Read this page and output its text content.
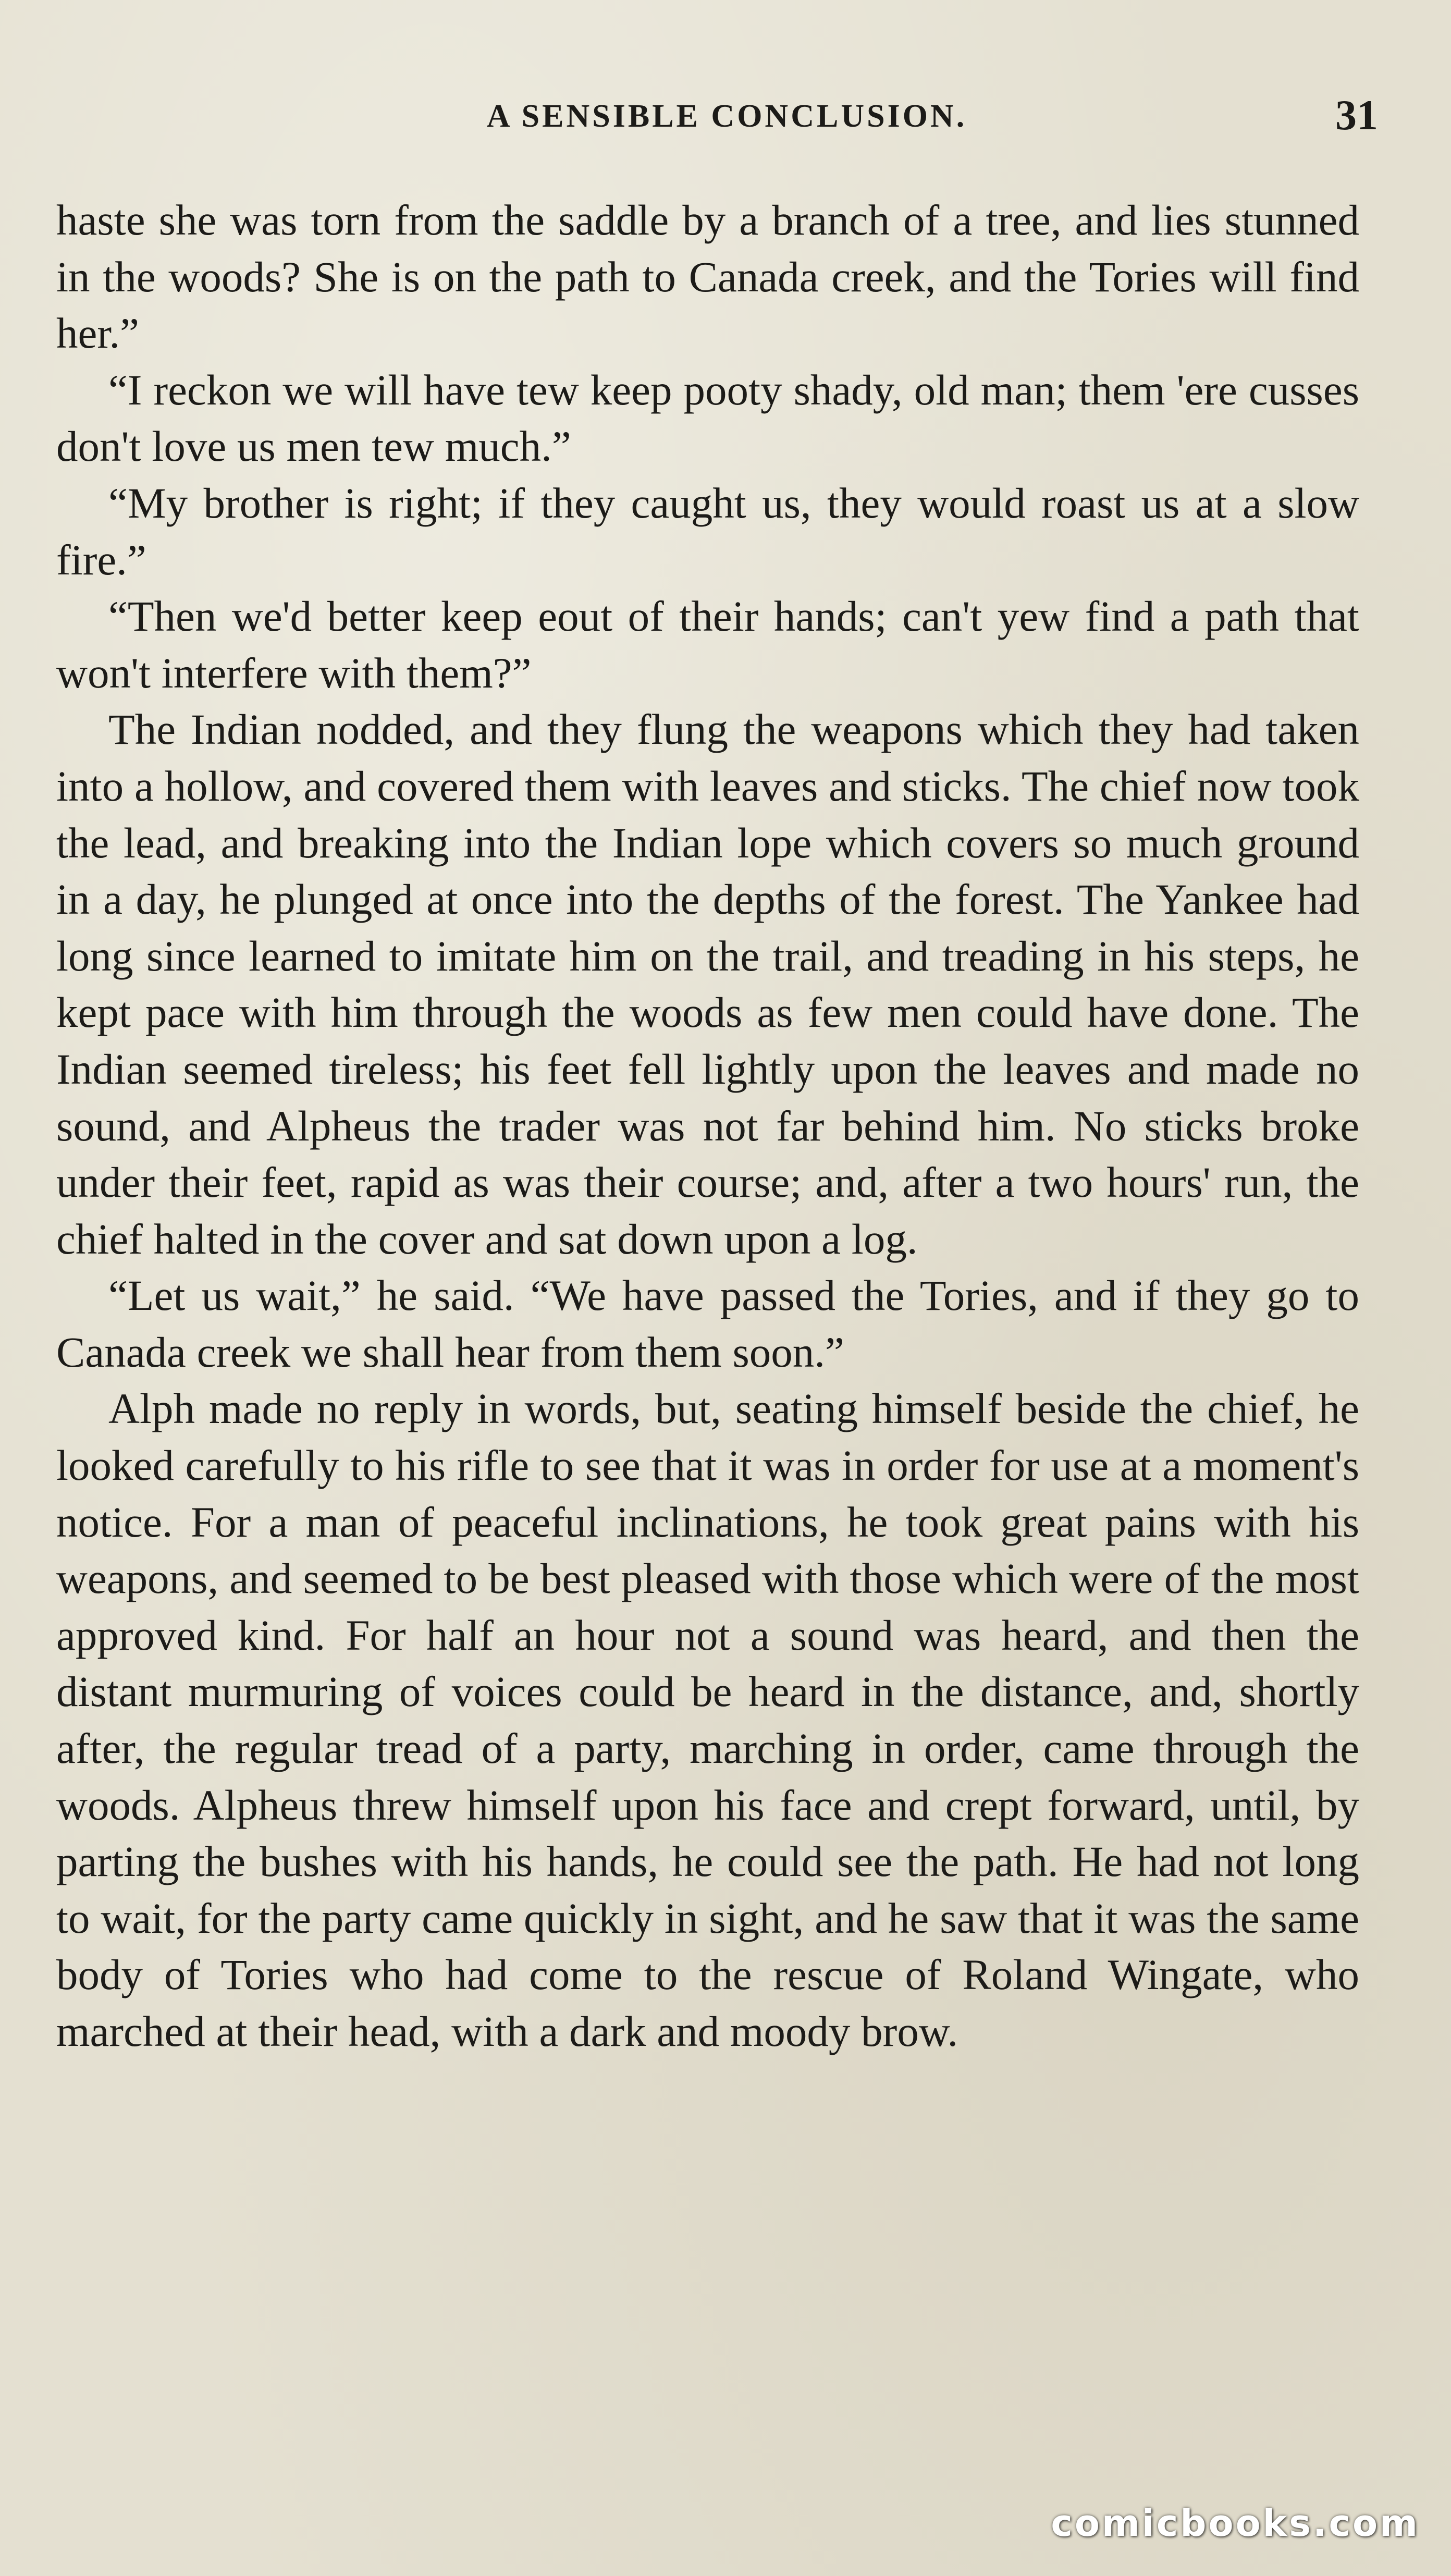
A SENSIBLE CONCLUSION.	31

haste she was torn from the saddle by a branch of a tree, and lies stunned in the woods? She is on the path to Canada creek, and the Tories will find her.”

“I reckon we will have tew keep pooty shady, old man; them 'ere cusses don't love us men tew much.”

“My brother is right; if they caught us, they would roast us at a slow fire.”

“Then we'd better keep eout of their hands; can't yew find a path that won't interfere with them?”

The Indian nodded, and they flung the weapons which they had taken into a hollow, and covered them with leaves and sticks. The chief now took the lead, and breaking into the Indian lope which covers so much ground in a day, he plunged at once into the depths of the forest. The Yankee had long since learned to imitate him on the trail, and treading in his steps, he kept pace with him through the woods as few men could have done. The Indian seemed tireless; his feet fell lightly upon the leaves and made no sound, and Alpheus the trader was not far behind him. No sticks broke under their feet, rapid as was their course; and, after a two hours' run, the chief halted in the cover and sat down upon a log.

“Let us wait,” he said. “We have passed the Tories, and if they go to Canada creek we shall hear from them soon.”

Alph made no reply in words, but, seating himself beside the chief, he looked carefully to his rifle to see that it was in order for use at a moment's notice. For a man of peaceful inclinations, he took great pains with his weapons, and seemed to be best pleased with those which were of the most approved kind. For half an hour not a sound was heard, and then the distant murmuring of voices could be heard in the distance, and, shortly after, the regular tread of a party, marching in order, came through the woods. Alpheus threw himself upon his face and crept forward, until, by parting the bushes with his hands, he could see the path. He had not long to wait, for the party came quickly in sight, and he saw that it was the same body of Tories who had come to the rescue of Roland Wingate, who marched at their head, with a dark and moody brow.

comicbooks.com
